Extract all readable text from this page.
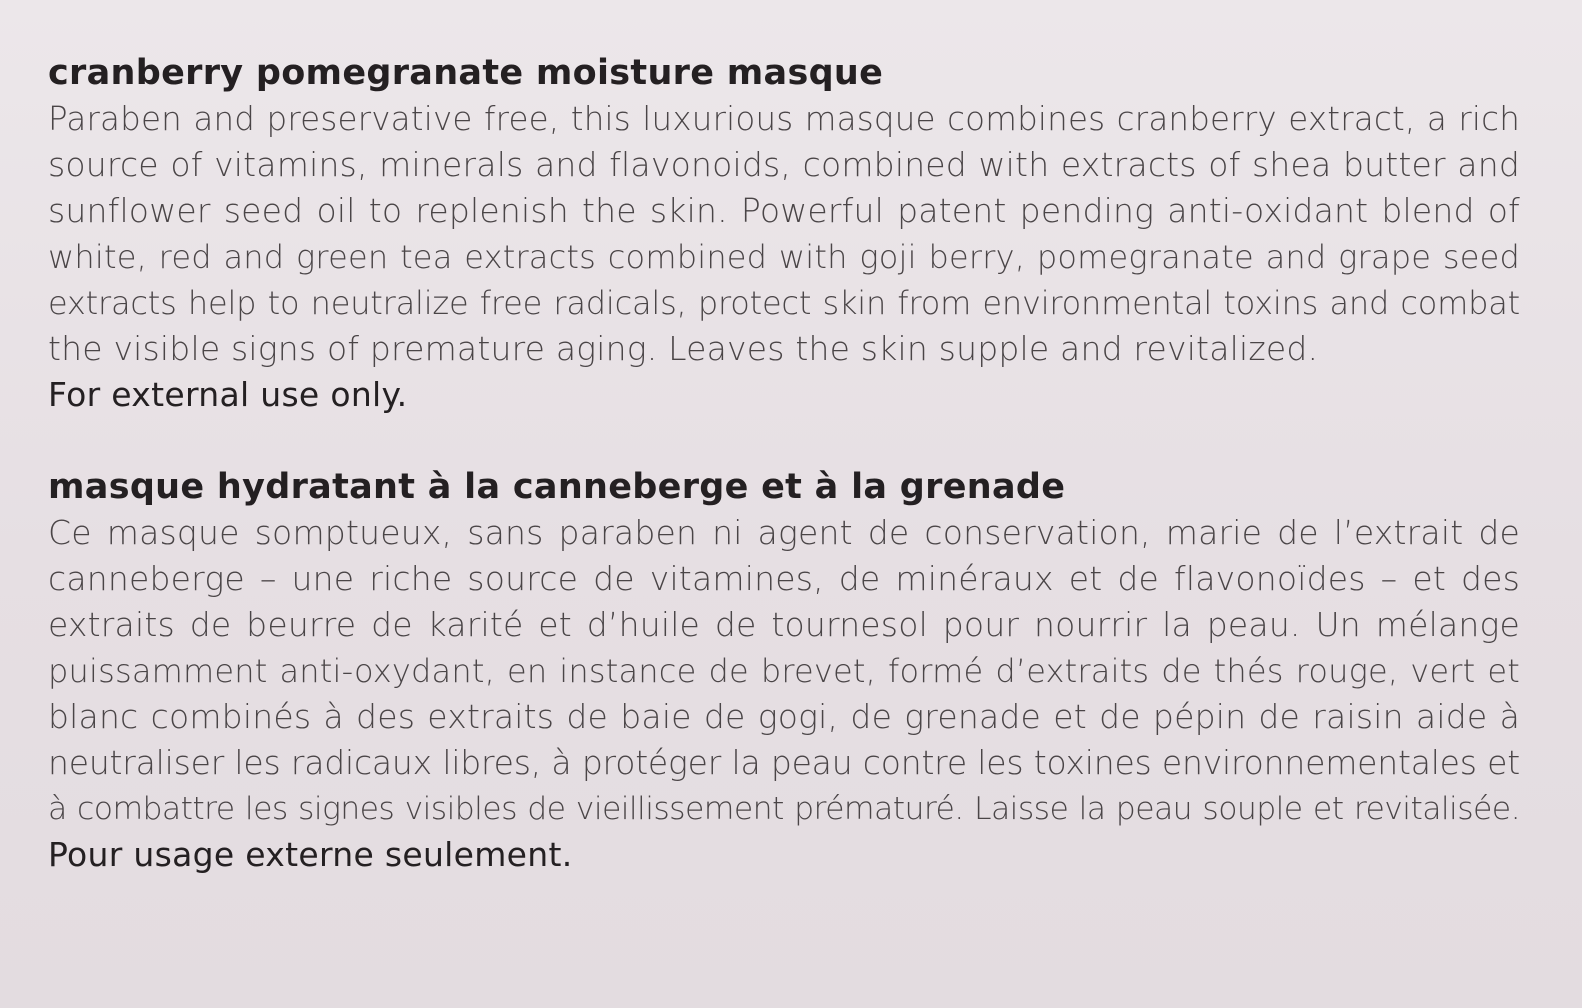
cranberry pomegranate moisture masque

Paraben and preservative free, this luxurious masque combines cranberry extract, a rich

source of vitamins, minerals and flavonoids, combined with extracts of shea butter and

sunflower seed oil to replenish the skin. Powerful patent pending anti-oxidant blend of

white, red and green tea extracts combined with goji berry, pomegranate and grape seed

extracts help to neutralize free radicals, protect skin from environmental toxins and combat

the visible signs of premature aging. Leaves the skin supple and revitalized.

For external use only.

masque hydratant à la canneberge et à la grenade

Ce masque somptueux, sans paraben ni agent de conservation, marie de l’extrait de

canneberge – une riche source de vitamines, de minéraux et de flavonoïdes – et des

extraits de beurre de karité et d’huile de tournesol pour nourrir la peau. Un mélange

puissamment anti-oxydant, en instance de brevet, formé d’extraits de thés rouge, vert et

blanc combinés à des extraits de baie de gogi, de grenade et de pépin de raisin aide à

neutraliser les radicaux libres, à protéger la peau contre les toxines environnementales et

à combattre les signes visibles de vieillissement prématuré. Laisse la peau souple et revitalisée.

Pour usage externe seulement.
